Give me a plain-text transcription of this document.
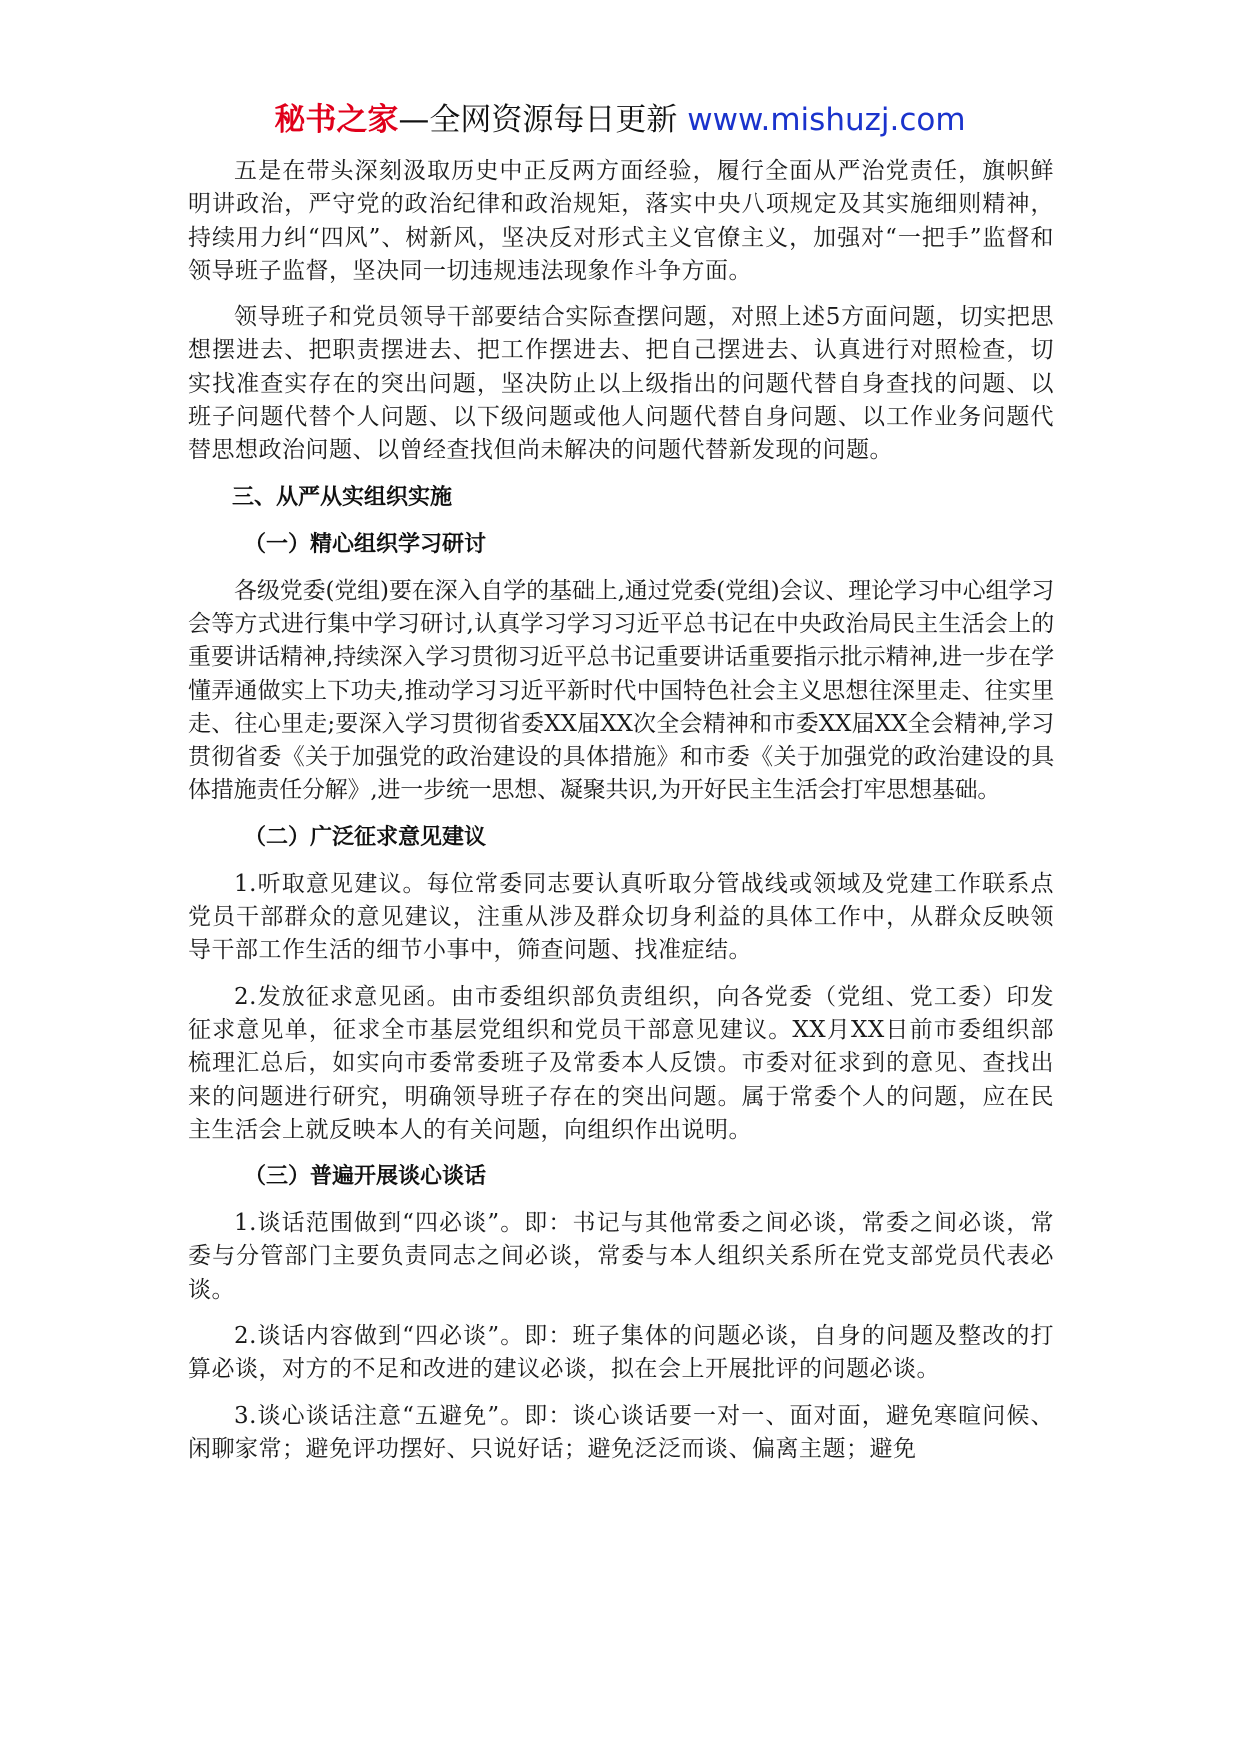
秘书之家—全网资源每日更新 www.mishuzj.com

五是在带头深刻汲取历史中正反两方面经验，履行全面从严治党责任，旗帜鲜明讲政治，严守党的政治纪律和政治规矩，落实中央八项规定及其实施细则精神，持续用力纠“四风”、树新风，坚决反对形式主义官僚主义，加强对“一把手”监督和领导班子监督，坚决同一切违规违法现象作斗争方面。

领导班子和党员领导干部要结合实际查摆问题，对照上述5方面问题，切实把思想摆进去、把职责摆进去、把工作摆进去、把自己摆进去、认真进行对照检查，切实找准查实存在的突出问题，坚决防止以上级指出的问题代替自身查找的问题、以班子问题代替个人问题、以下级问题或他人问题代替自身问题、以工作业务问题代替思想政治问题、以曾经查找但尚未解决的问题代替新发现的问题。

三、从严从实组织实施

（一）精心组织学习研讨

各级党委(党组)要在深入自学的基础上,通过党委(党组)会议、理论学习中心组学习会等方式进行集中学习研讨,认真学习学习习近平总书记在中央政治局民主生活会上的重要讲话精神,持续深入学习贯彻习近平总书记重要讲话重要指示批示精神,进一步在学懂弄通做实上下功夫,推动学习习近平新时代中国特色社会主义思想往深里走、往实里走、往心里走;要深入学习贯彻省委XX届XX次全会精神和市委XX届XX全会精神,学习贯彻省委《关于加强党的政治建设的具体措施》和市委《关于加强党的政治建设的具体措施责任分解》,进一步统一思想、凝聚共识,为开好民主生活会打牢思想基础。

（二）广泛征求意见建议

1.听取意见建议。每位常委同志要认真听取分管战线或领域及党建工作联系点党员干部群众的意见建议，注重从涉及群众切身利益的具体工作中，从群众反映领导干部工作生活的细节小事中，筛查问题、找准症结。

2.发放征求意见函。由市委组织部负责组织，向各党委（党组、党工委）印发征求意见单，征求全市基层党组织和党员干部意见建议。XX月XX日前市委组织部梳理汇总后，如实向市委常委班子及常委本人反馈。市委对征求到的意见、查找出来的问题进行研究，明确领导班子存在的突出问题。属于常委个人的问题，应在民主生活会上就反映本人的有关问题，向组织作出说明。

（三）普遍开展谈心谈话

1.谈话范围做到“四必谈”。即：书记与其他常委之间必谈，常委之间必谈，常委与分管部门主要负责同志之间必谈，常委与本人组织关系所在党支部党员代表必谈。

2.谈话内容做到“四必谈”。即：班子集体的问题必谈，自身的问题及整改的打算必谈，对方的不足和改进的建议必谈，拟在会上开展批评的问题必谈。

3.谈心谈话注意“五避免”。即：谈心谈话要一对一、面对面，避免寒暄问候、闲聊家常；避免评功摆好、只说好话；避免泛泛而谈、偏离主题；避免
